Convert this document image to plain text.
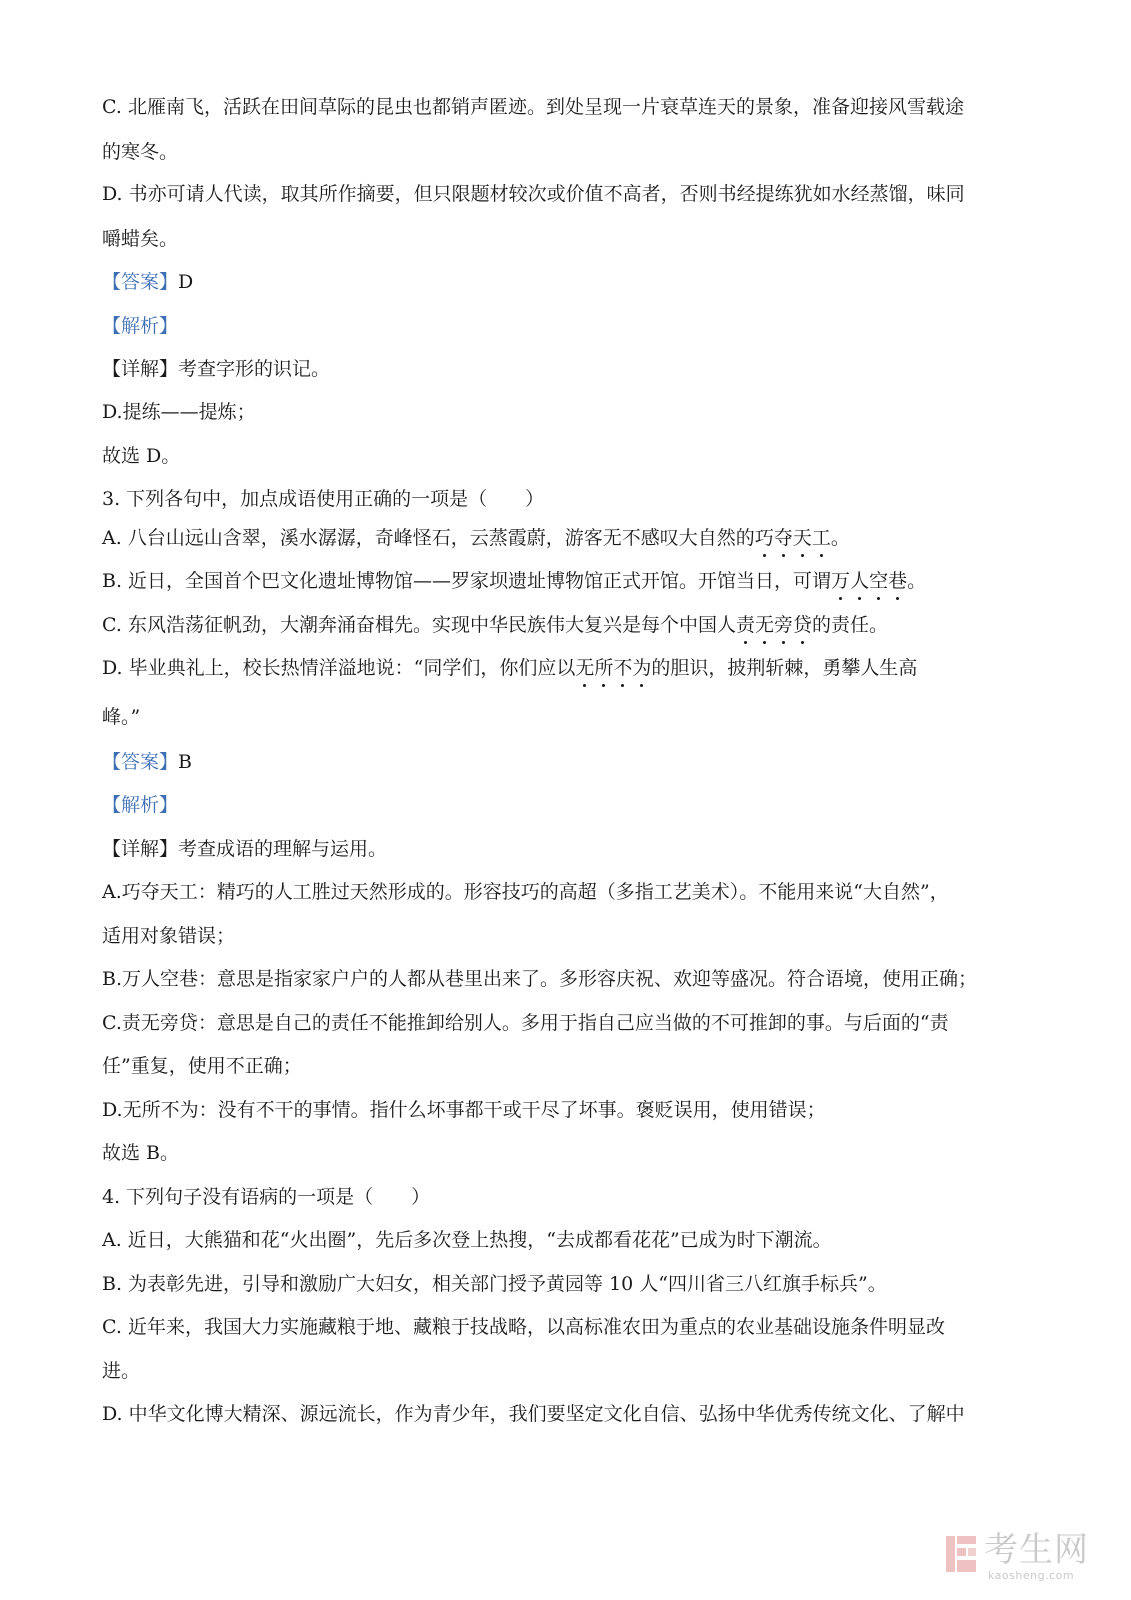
C. 北雁南飞，活跃在田间草际的昆虫也都销声匿迹。到处呈现一片衰草连天的景象，准备迎接风雪载途
的寒冬。
D. 书亦可请人代读，取其所作摘要，但只限题材较次或价值不高者，否则书经提练犹如水经蒸馏，味同
嚼蜡矣。
【答案】D
【解析】
【详解】考查字形的识记。
D.提练——提炼；
故选 D。
3. 下列各句中，加点成语使用正确的一项是（　　）
A. 八台山远山含翠，溪水潺潺，奇峰怪石，云蒸霞蔚，游客无不感叹大自然的巧夺天工。
B. 近日，全国首个巴文化遗址博物馆——罗家坝遗址博物馆正式开馆。开馆当日，可谓万人空巷。
C. 东风浩荡征帆劲，大潮奔涌奋楫先。实现中华民族伟大复兴是每个中国人责无旁贷的责任。
D. 毕业典礼上，校长热情洋溢地说：“同学们，你们应以无所不为的胆识，披荆斩棘，勇攀人生高
峰。”
【答案】B
【解析】
【详解】考查成语的理解与运用。
A.巧夺天工：精巧的人工胜过天然形成的。形容技巧的高超（多指工艺美术）。不能用来说“大自然”，
适用对象错误；
B.万人空巷：意思是指家家户户的人都从巷里出来了。多形容庆祝、欢迎等盛况。符合语境，使用正确；
C.责无旁贷：意思是自己的责任不能推卸给别人。多用于指自己应当做的不可推卸的事。与后面的“责
任”重复，使用不正确；
D.无所不为：没有不干的事情。指什么坏事都干或干尽了坏事。褒贬误用，使用错误；
故选 B。
4. 下列句子没有语病的一项是（　　）
A. 近日，大熊猫和花“火出圈”，先后多次登上热搜，“去成都看花花”已成为时下潮流。
B. 为表彰先进，引导和激励广大妇女，相关部门授予黄园等 10 人“四川省三八红旗手标兵”。
C. 近年来，我国大力实施藏粮于地、藏粮于技战略，以高标准农田为重点的农业基础设施条件明显改
进。
D. 中华文化博大精深、源远流长，作为青少年，我们要坚定文化自信、弘扬中华优秀传统文化、了解中
考生网
kaosheng.com
